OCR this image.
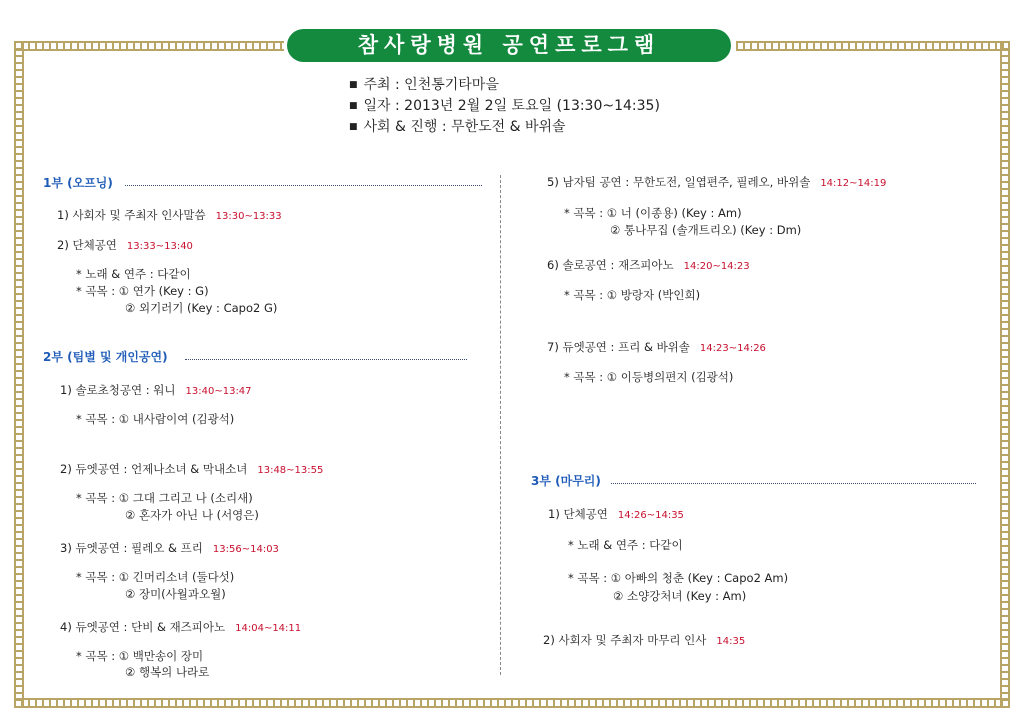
참사랑병원 공연프로그램
■ 주최 : 인천통기타마을
■ 일자 : 2013년 2월 2일 토요일 (13:30~14:35)
■ 사회 & 진행 : 무한도전 & 바위솔
1부 (오프닝)
1) 사회자 및 주최자 인사말씀 13:30~13:33
2) 단체공연 13:33~13:40
* 노래 & 연주 : 다같이
* 곡목 : ① 연가 (Key : G)
② 외기러기 (Key : Capo2 G)
2부 (팀별 및 개인공연)
1) 솔로초청공연 : 워니 13:40~13:47
* 곡목 : ① 내사람이여 (김광석)
2) 듀엣공연 : 언제나소녀 & 막내소녀 13:48~13:55
* 곡목 : ① 그대 그리고 나 (소리새)
② 혼자가 아닌 나 (서영은)
3) 듀엣공연 : 필레오 & 프리 13:56~14:03
* 곡목 : ① 긴머리소녀 (둘다섯)
② 장미(사월과오월)
4) 듀엣공연 : 단비 & 재즈피아노 14:04~14:11
* 곡목 : ① 백만송이 장미
② 행복의 나라로
5) 남자팀 공연 : 무한도전, 일엽편주, 필레오, 바위솔 14:12~14:19
* 곡목 : ① 너 (이종용) (Key : Am)
② 통나무집 (솔개트리오) (Key : Dm)
6) 솔로공연 : 재즈피아노 14:20~14:23
* 곡목 : ① 방랑자 (박인희)
7) 듀엣공연 : 프리 & 바위솔 14:23~14:26
* 곡목 : ① 이등병의편지 (김광석)
3부 (마무리)
1) 단체공연 14:26~14:35
* 노래 & 연주 : 다같이
* 곡목 : ① 아빠의 청춘 (Key : Capo2 Am)
② 소양강처녀 (Key : Am)
2) 사회자 및 주최자 마무리 인사 14:35
